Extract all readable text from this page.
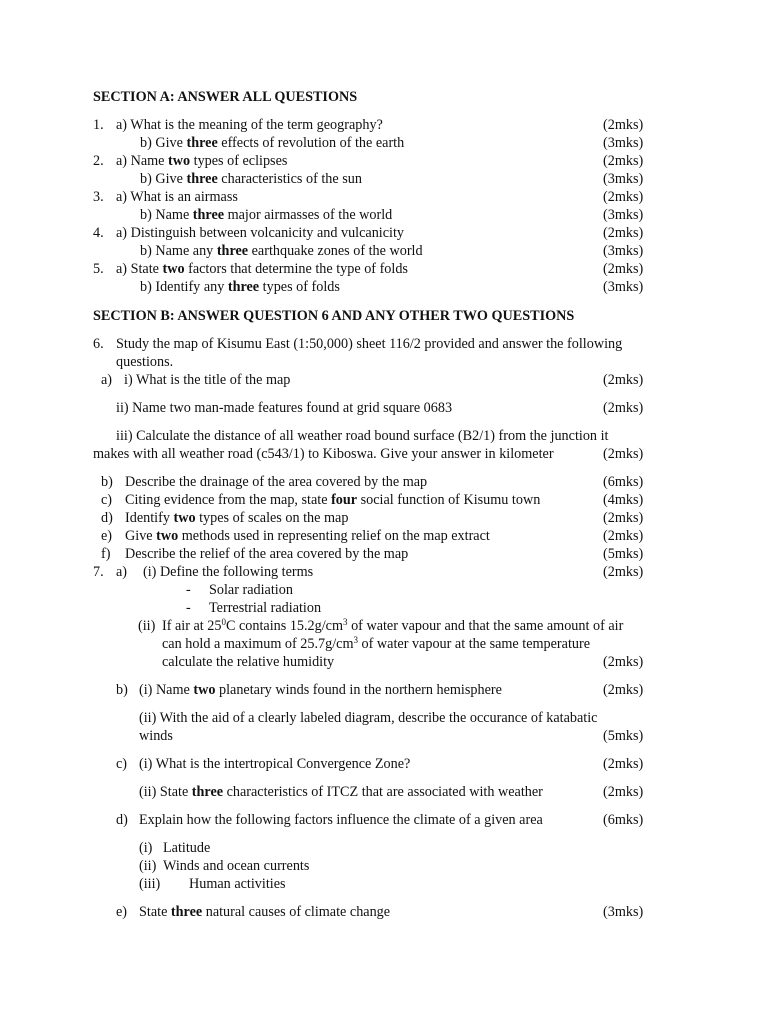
SECTION A: ANSWER ALL QUESTIONS
1. a) What is the meaning of the term geography?	(2mks)
b) Give three effects of revolution of the earth	(3mks)
2. a) Name two types of eclipses	(2mks)
b) Give three characteristics of the sun	(3mks)
3. a) What is an airmass	(2mks)
b) Name three major airmasses of the world	(3mks)
4. a) Distinguish between volcanicity and vulcanicity	(2mks)
b) Name any three earthquake zones of the world	(3mks)
5. a) State two factors that determine the type of folds	(2mks)
b) Identify any three types of folds	(3mks)
SECTION B: ANSWER QUESTION 6 AND ANY OTHER TWO QUESTIONS
6. Study the map of Kisumu East (1:50,000) sheet 116/2 provided and answer the following
questions.
a) i) What is the title of the map	(2mks)
ii) Name two man-made features found at grid square 0683	(2mks)
iii) Calculate the distance of all weather road bound surface (B2/1) from the junction it
makes with all weather road (c543/1) to Kiboswa. Give your answer in kilometer	(2mks)
b) Describe the drainage of the area covered by the map	(6mks)
c) Citing evidence from the map, state four social function of Kisumu town	(4mks)
d) Identify two types of scales on the map	(2mks)
e) Give two methods used in representing relief on the map extract	(2mks)
f) Describe the relief of the area covered by the map	(5mks)
7. a) (i) Define the following terms	(2mks)
- Solar radiation
- Terrestrial radiation
(ii) If air at $25^0C$ contains $15.2g/cm^3$ of water vapour and that the same amount of air
can hold a maximum of $25.7g/cm^3$ of water vapour at the same temperature
calculate the relative humidity	(2mks)
b) (i) Name two planetary winds found in the northern hemisphere	(2mks)
(ii) With the aid of a clearly labeled diagram, describe the occurance of katabatic
winds	(5mks)
c) (i) What is the intertropical Convergence Zone?	(2mks)
(ii) State three characteristics of ITCZ that are associated with weather	(2mks)
d) Explain how the following factors influence the climate of a given area	(6mks)
(i) Latitude
(ii) Winds and ocean currents
(iii) Human activities
e) State three natural causes of climate change	(3mks)
